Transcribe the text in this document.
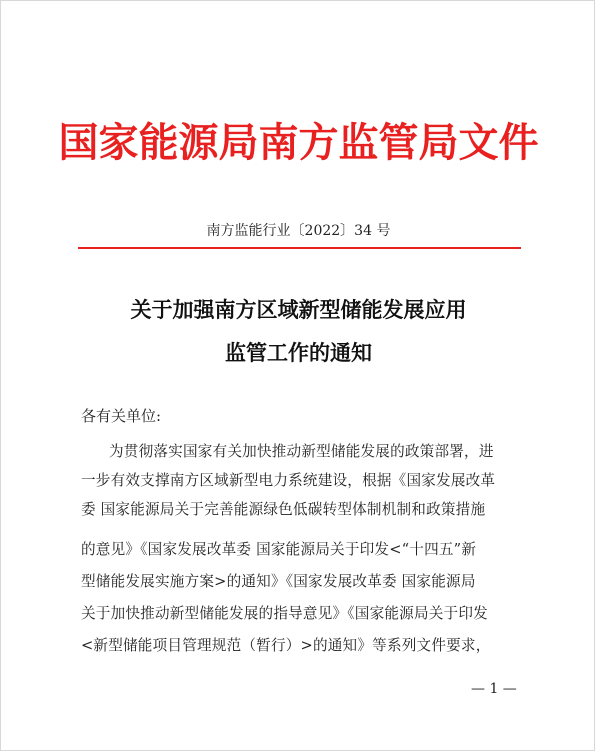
国家能源局南方监管局文件
南方监能行业〔2022〕34 号
关于加强南方区域新型储能发展应用
监管工作的通知
各有关单位:
为贯彻落实国家有关加快推动新型储能发展的政策部署，进
一步有效支撑南方区域新型电力系统建设，根据《国家发展改革
委 国家能源局关于完善能源绿色低碳转型体制机制和政策措施
的意见》《国家发展改革委 国家能源局关于印发<“十四五”新
型储能发展实施方案>的通知》《国家发展改革委 国家能源局
关于加快推动新型储能发展的指导意见》《国家能源局关于印发
<新型储能项目管理规范（暂行）>的通知》等系列文件要求，
— 1 —
